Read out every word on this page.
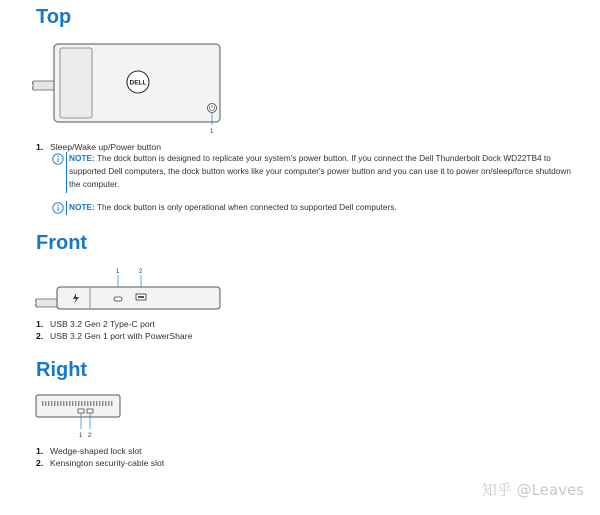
Top
DELL
1
1. Sleep/Wake up/Power button
NOTE: The dock button is designed to replicate your system's power button. If you connect the Dell Thunderbolt Dock WD22TB4 to supported Dell computers, the dock button works like your computer's power button and you can use it to power on/sleep/force shutdown the computer.
NOTE: The dock button is only operational when connected to supported Dell computers.
Front
1	2
1. USB 3.2 Gen 2 Type-C port
2. USB 3.2 Gen 1 port with PowerShare
Right
1 2
1. Wedge-shaped lock slot
2. Kensington security-cable slot
知乎 @Leaves
